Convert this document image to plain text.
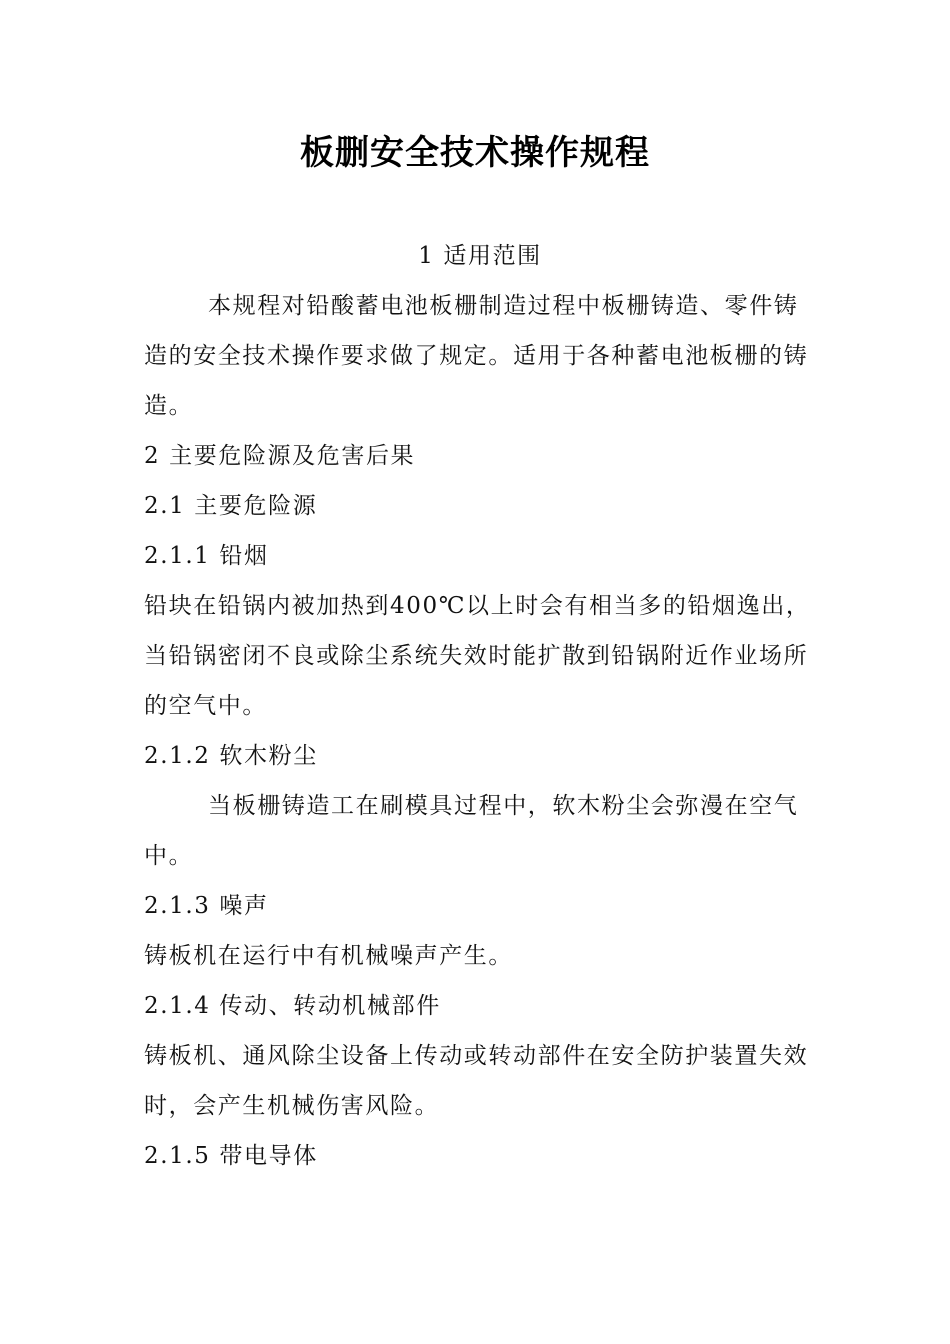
板删安全技术操作规程

1 适用范围

本规程对铅酸蓄电池板栅制造过程中板栅铸造、零件铸造的安全技术操作要求做了规定。适用于各种蓄电池板栅的铸造。

2 主要危险源及危害后果

2.1 主要危险源

2.1.1 铅烟

铅块在铅锅内被加热到400℃以上时会有相当多的铅烟逸出，

当铅锅密闭不良或除尘系统失效时能扩散到铅锅附近作业场所的空气中。

2.1.2 软木粉尘

当板栅铸造工在刷模具过程中，软木粉尘会弥漫在空气中。

2.1.3 噪声

铸板机在运行中有机械噪声产生。

2.1.4 传动、转动机械部件

铸板机、通风除尘设备上传动或转动部件在安全防护装置失效时，会产生机械伤害风险。

2.1.5 带电导体
